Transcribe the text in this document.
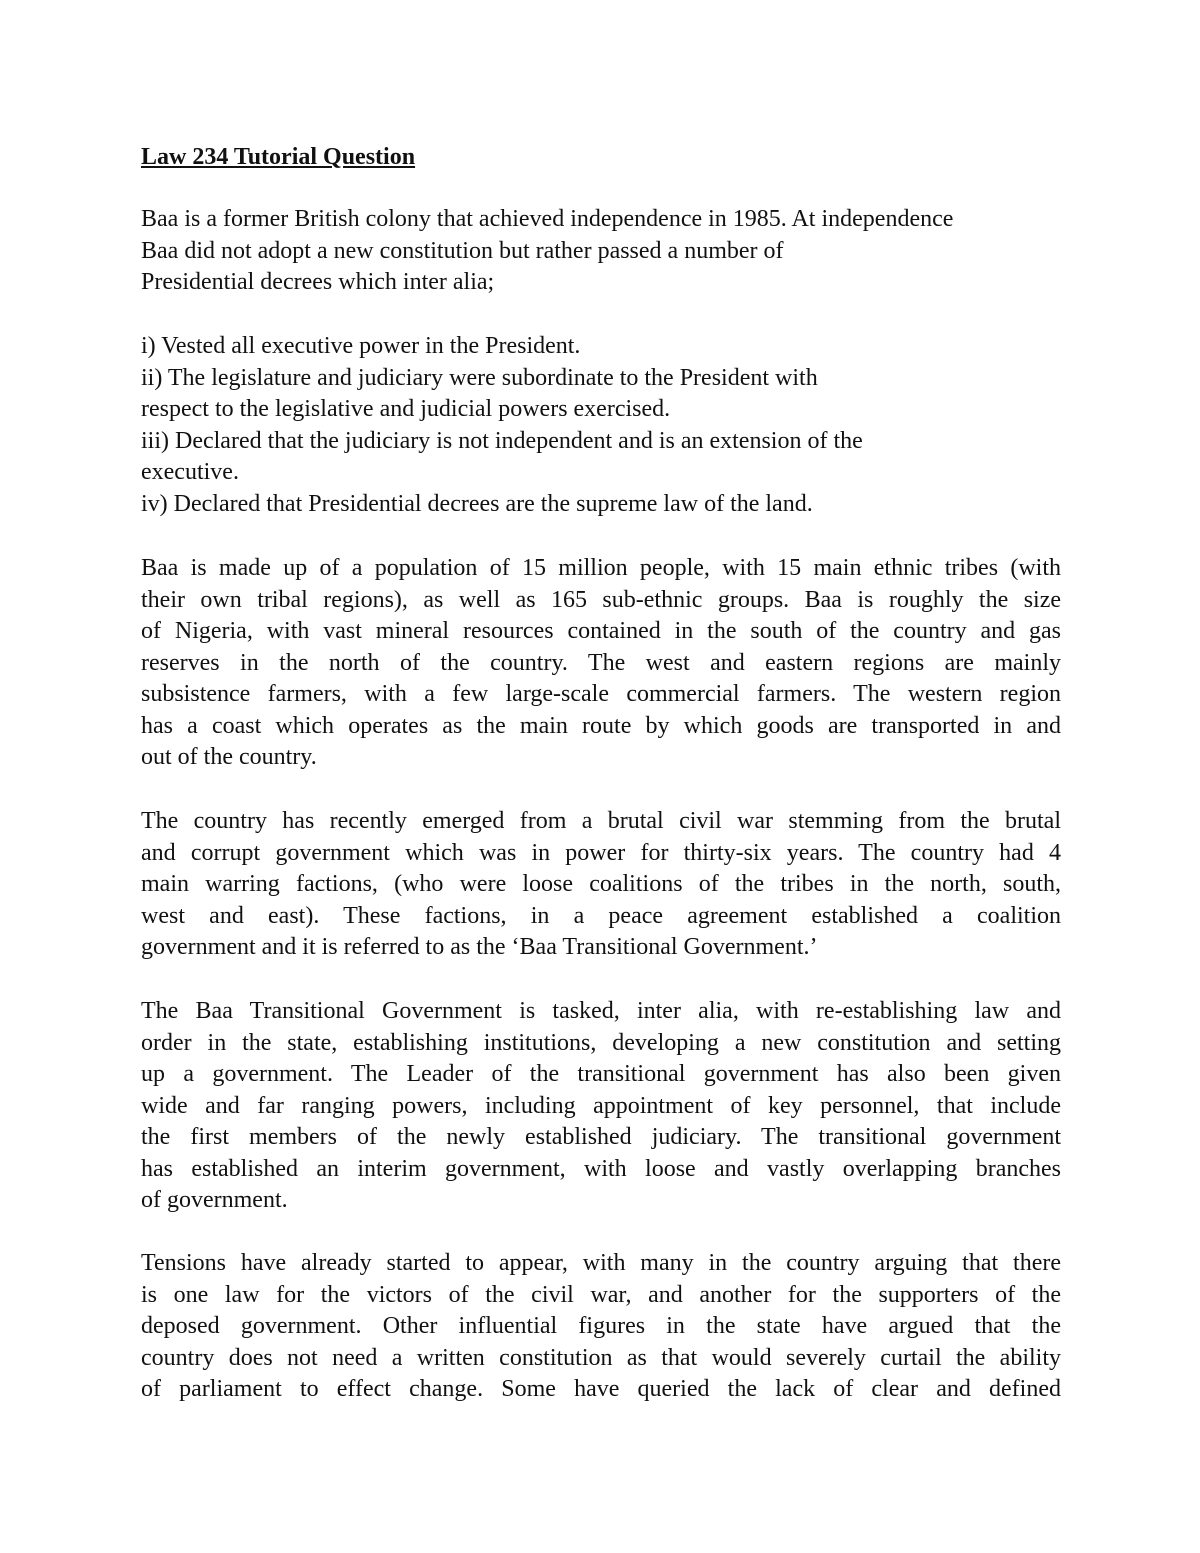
Law 234 Tutorial Question
Baa is a former British colony that achieved independence in 1985. At independence
Baa did not adopt a new constitution but rather passed a number of
Presidential decrees which inter alia;
i) Vested all executive power in the President.
ii) The legislature and judiciary were subordinate to the President with
respect to the legislative and judicial powers exercised.
iii) Declared that the judiciary is not independent and is an extension of the
executive.
iv) Declared that Presidential decrees are the supreme law of the land.
Baa is made up of a population of 15 million people, with 15 main ethnic tribes (with
their own tribal regions), as well as 165 sub-ethnic groups. Baa is roughly the size
of Nigeria, with vast mineral resources contained in the south of the country and gas
reserves in the north of the country. The west and eastern regions are mainly
subsistence farmers, with a few large-scale commercial farmers. The western region
has a coast which operates as the main route by which goods are transported in and
out of the country.
The country has recently emerged from a brutal civil war stemming from the brutal
and corrupt government which was in power for thirty-six years. The country had 4
main warring factions, (who were loose coalitions of the tribes in the north, south,
west and east). These factions, in a peace agreement established a coalition
government and it is referred to as the ‘Baa Transitional Government.’
The Baa Transitional Government is tasked, inter alia, with re-establishing law and
order in the state, establishing institutions, developing a new constitution and setting
up a government. The Leader of the transitional government has also been given
wide and far ranging powers, including appointment of key personnel, that include
the first members of the newly established judiciary. The transitional government
has established an interim government, with loose and vastly overlapping branches
of government.
Tensions have already started to appear, with many in the country arguing that there
is one law for the victors of the civil war, and another for the supporters of the
deposed government. Other influential figures in the state have argued that the
country does not need a written constitution as that would severely curtail the ability
of parliament to effect change. Some have queried the lack of clear and defined
